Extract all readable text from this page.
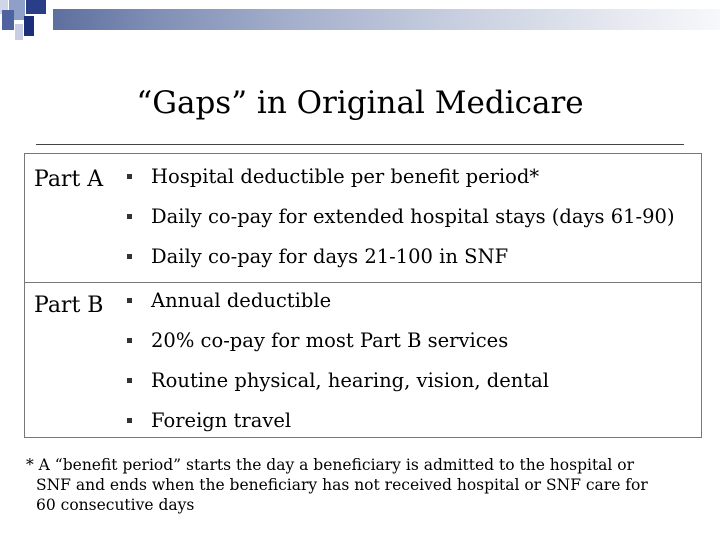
“Gaps” in Original Medicare
Part A Hospital deductible per benefit period*
Daily co-pay for extended hospital stays (days 61-90)
Daily co-pay for days 21-100 in SNF
Part B Annual deductible
20% co-pay for most Part B services
Routine physical, hearing, vision, dental
Foreign travel

* A “benefit period” starts the day a beneficiary is admitted to the hospital or

SNF and ends when the beneficiary has not received hospital or SNF care for

60 consecutive days
